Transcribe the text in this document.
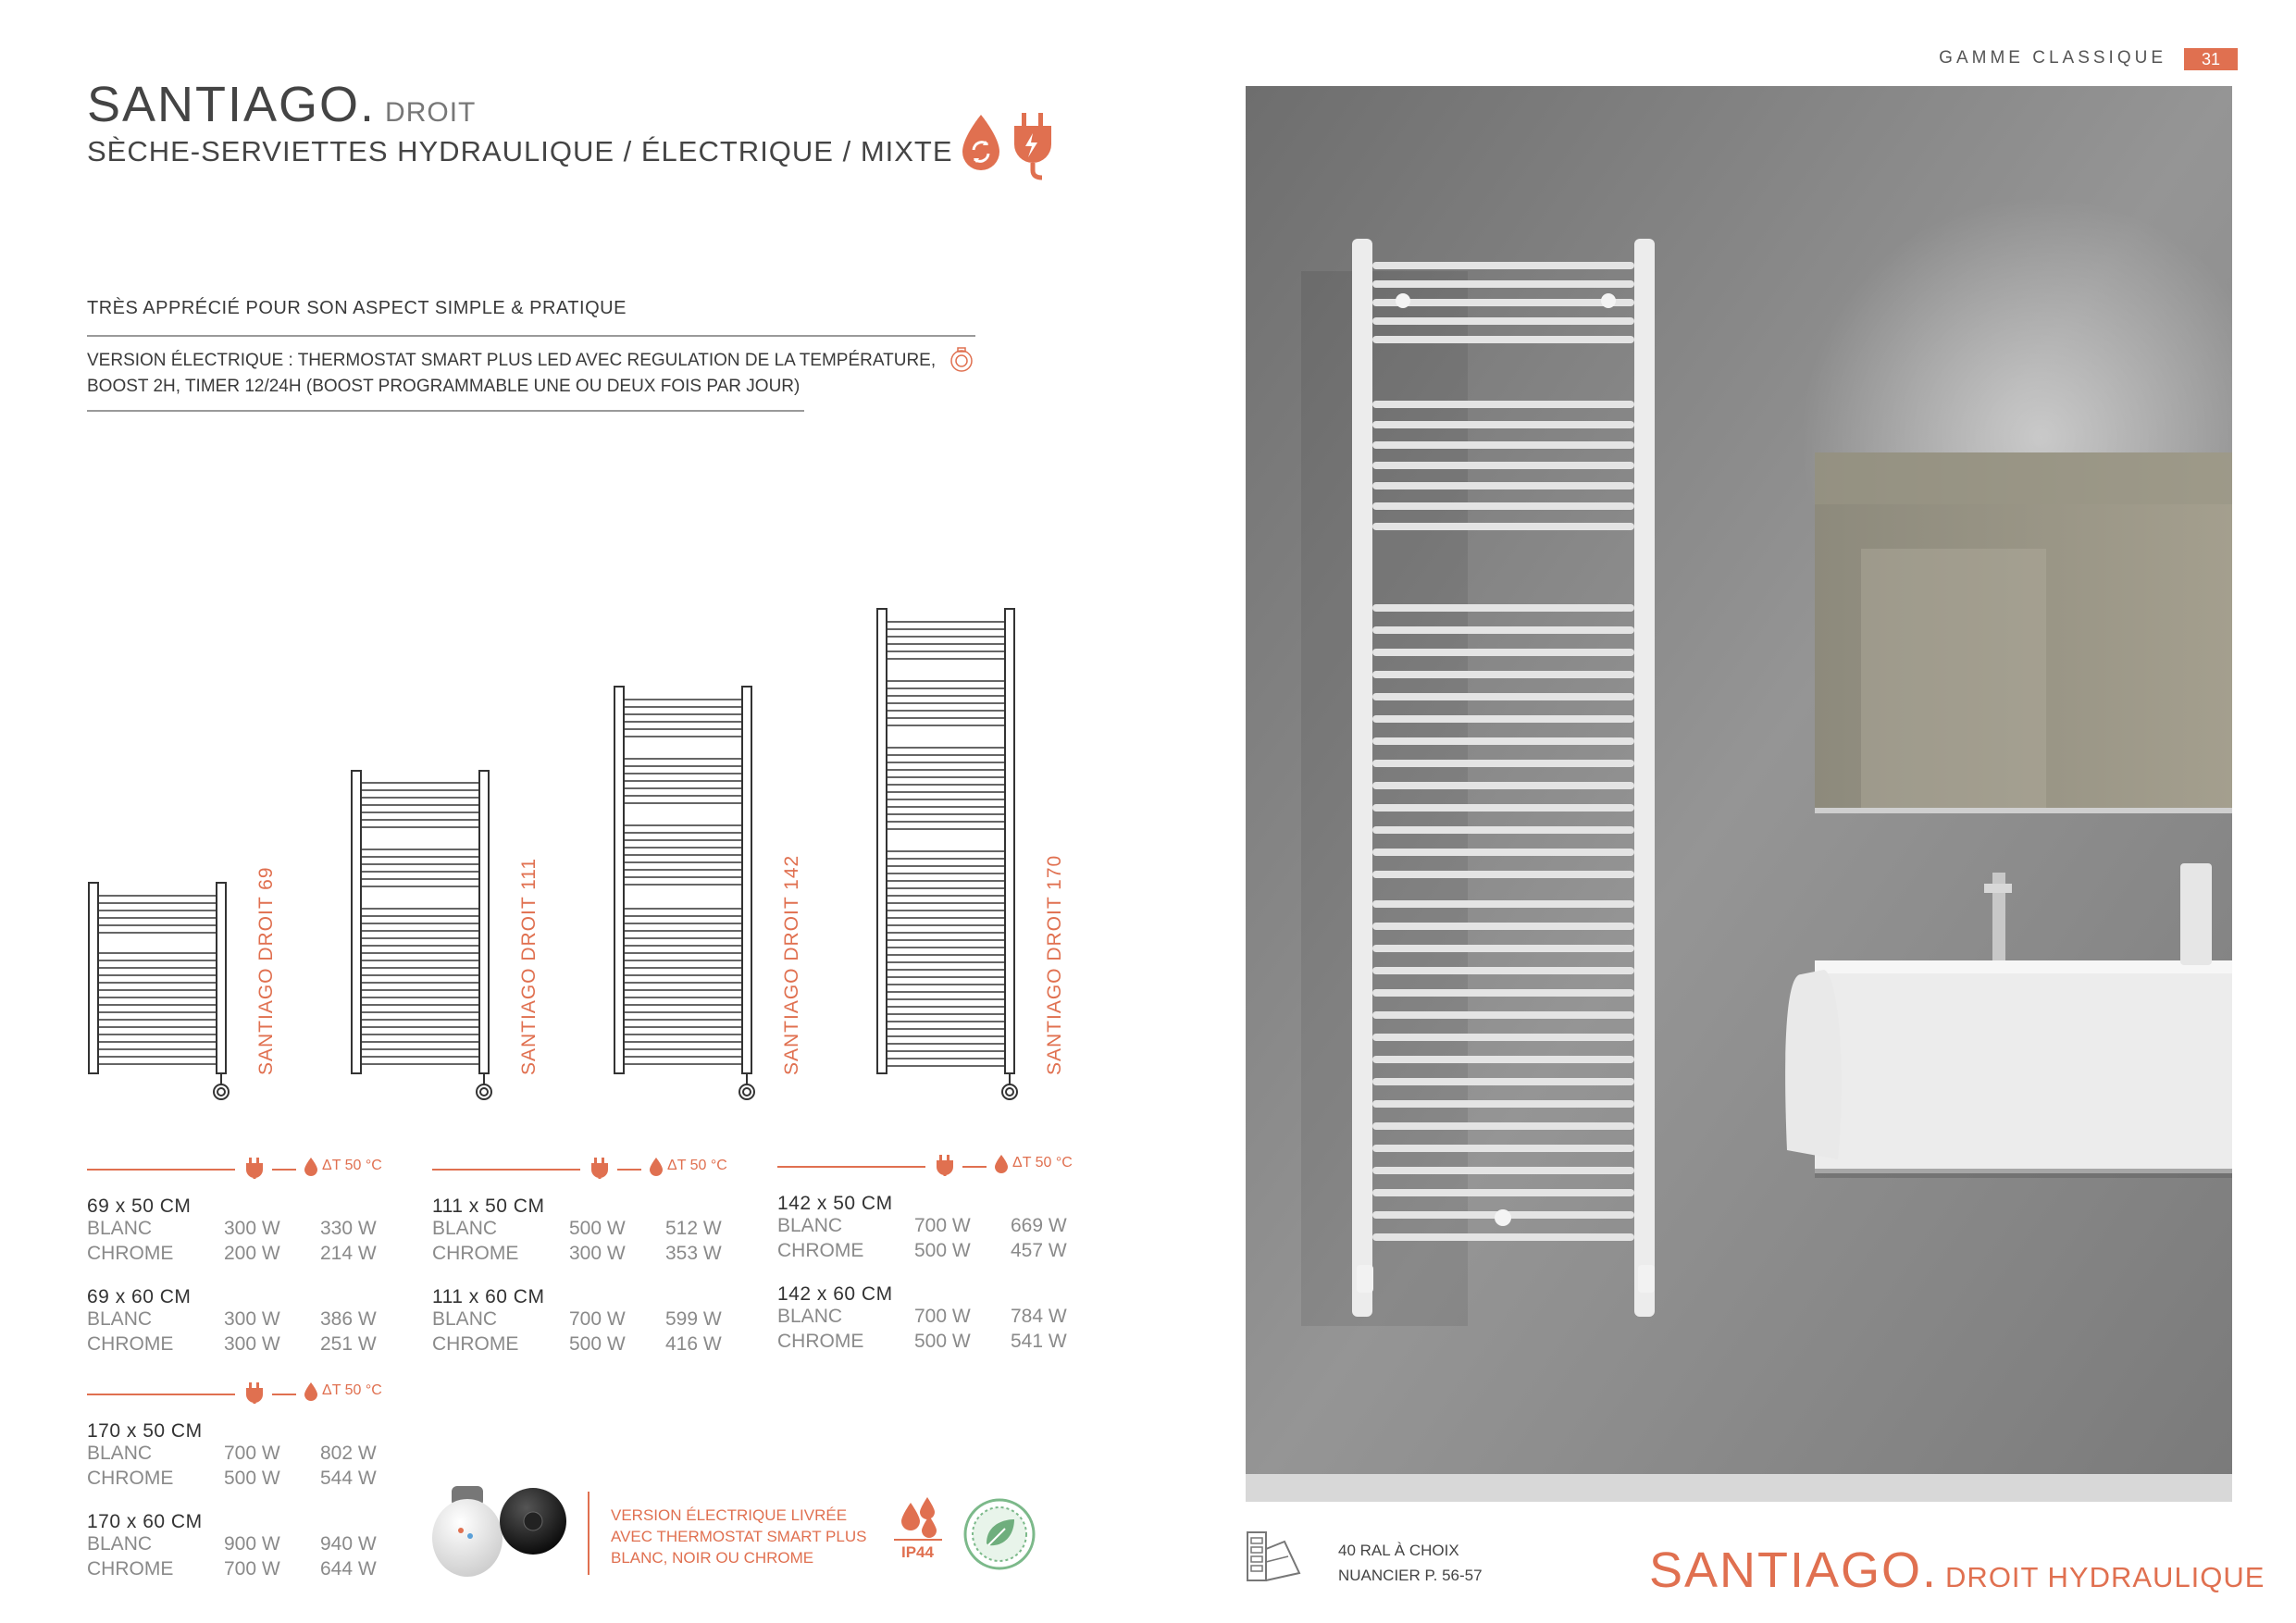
SANTIAGO. DROIT
SÈCHE-SERVIETTES HYDRAULIQUE / ÉLECTRIQUE / MIXTE
GAMME CLASSIQUE	31
TRÈS APPRÉCIÉ POUR SON ASPECT SIMPLE & PRATIQUE
VERSION ÉLECTRIQUE : THERMOSTAT SMART PLUS LED AVEC REGULATION DE LA TEMPÉRATURE,
BOOST 2H, TIMER 12/24H (BOOST PROGRAMMABLE UNE OU DEUX FOIS PAR JOUR)
SANTIAGO DROIT 69	SANTIAGO DROIT 111	SANTIAGO DROIT 142	SANTIAGO DROIT 170
ΔT 50 °C
69 x 50 CM
BLANC	300 W 330 W
CHROME	200 W 214 W
69 x 60 CM
BLANC	300 W 386 W
CHROME	300 W 251 W
ΔT 50 °C
111 x 50 CM
BLANC	500 W 512 W
CHROME	300 W 353 W
111 x 60 CM
BLANC	700 W 599 W
CHROME	500 W 416 W
ΔT 50 °C
142 x 50 CM
BLANC	700 W 669 W
CHROME	500 W 457 W
142 x 60 CM
BLANC	700 W 784 W
CHROME	500 W 541 W
ΔT 50 °C
170 x 50 CM
BLANC	700 W 802 W
CHROME	500 W 544 W
170 x 60 CM
BLANC	900 W 940 W
CHROME	700 W 644 W
VERSION ÉLECTRIQUE LIVRÉE
AVEC THERMOSTAT SMART PLUS
BLANC, NOIR OU CHROME	IP44	40 RAL À CHOIX
NUANCIER P. 56-57	SANTIAGO. DROIT HYDRAULIQUE
